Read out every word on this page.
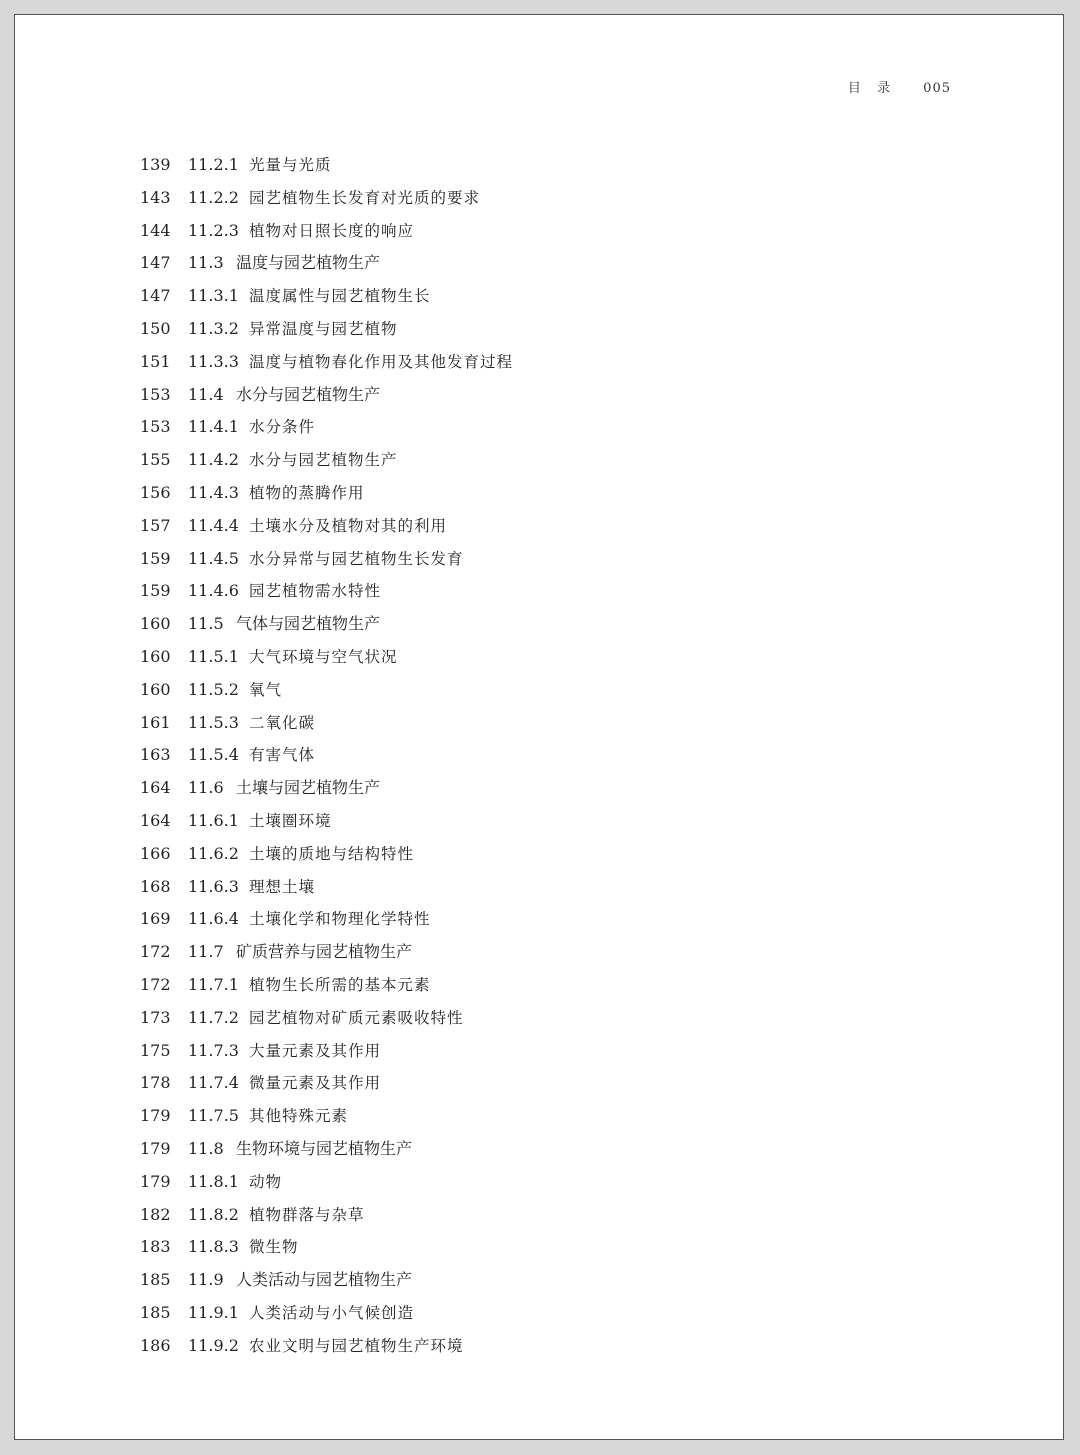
目 录 005
139 11.2.1 光量与光质
143 11.2.2 园艺植物生长发育对光质的要求
144 11.2.3 植物对日照长度的响应
147 11.3 温度与园艺植物生产
147 11.3.1 温度属性与园艺植物生长
150 11.3.2 异常温度与园艺植物
151 11.3.3 温度与植物春化作用及其他发育过程
153 11.4 水分与园艺植物生产
153 11.4.1 水分条件
155 11.4.2 水分与园艺植物生产
156 11.4.3 植物的蒸腾作用
157 11.4.4 土壤水分及植物对其的利用
159 11.4.5 水分异常与园艺植物生长发育
159 11.4.6 园艺植物需水特性
160 11.5 气体与园艺植物生产
160 11.5.1 大气环境与空气状况
160 11.5.2 氧气
161 11.5.3 二氧化碳
163 11.5.4 有害气体
164 11.6 土壤与园艺植物生产
164 11.6.1 土壤圈环境
166 11.6.2 土壤的质地与结构特性
168 11.6.3 理想土壤
169 11.6.4 土壤化学和物理化学特性
172 11.7 矿质营养与园艺植物生产
172 11.7.1 植物生长所需的基本元素
173 11.7.2 园艺植物对矿质元素吸收特性
175 11.7.3 大量元素及其作用
178 11.7.4 微量元素及其作用
179 11.7.5 其他特殊元素
179 11.8 生物环境与园艺植物生产
179 11.8.1 动物
182 11.8.2 植物群落与杂草
183 11.8.3 微生物
185 11.9 人类活动与园艺植物生产
185 11.9.1 人类活动与小气候创造
186 11.9.2 农业文明与园艺植物生产环境
